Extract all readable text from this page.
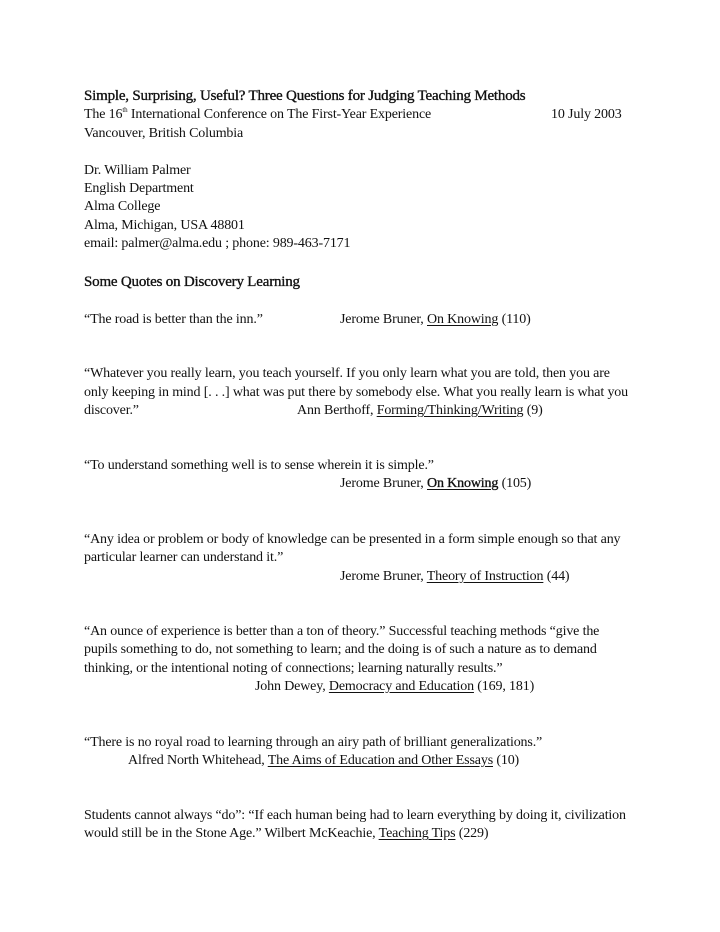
Simple, Surprising, Useful? Three Questions for Judging Teaching Methods
The 16th International Conference on The First-Year Experience	10 July 2003
Vancouver, British Columbia
Dr. William Palmer
English Department
Alma College
Alma, Michigan, USA 48801
email: palmer@alma.edu ; phone: 989-463-7171
Some Quotes on Discovery Learning
“The road is better than the inn.”	Jerome Bruner, On Knowing (110)
“Whatever you really learn, you teach yourself. If you only learn what you are told, then you are
only keeping in mind [. . .] what was put there by somebody else. What you really learn is what you
discover.”	Ann Berthoff, Forming/Thinking/Writing (9)
“To understand something well is to sense wherein it is simple.”
Jerome Bruner, On Knowing (105)
“Any idea or problem or body of knowledge can be presented in a form simple enough so that any
particular learner can understand it.”
Jerome Bruner, Theory of Instruction (44)
“An ounce of experience is better than a ton of theory.” Successful teaching methods “give the
pupils something to do, not something to learn; and the doing is of such a nature as to demand
thinking, or the intentional noting of connections; learning naturally results.”
John Dewey, Democracy and Education (169, 181)
“There is no royal road to learning through an airy path of brilliant generalizations.”
Alfred North Whitehead, The Aims of Education and Other Essays (10)
Students cannot always “do”: “If each human being had to learn everything by doing it, civilization
would still be in the Stone Age.” Wilbert McKeachie, Teaching Tips (229)
